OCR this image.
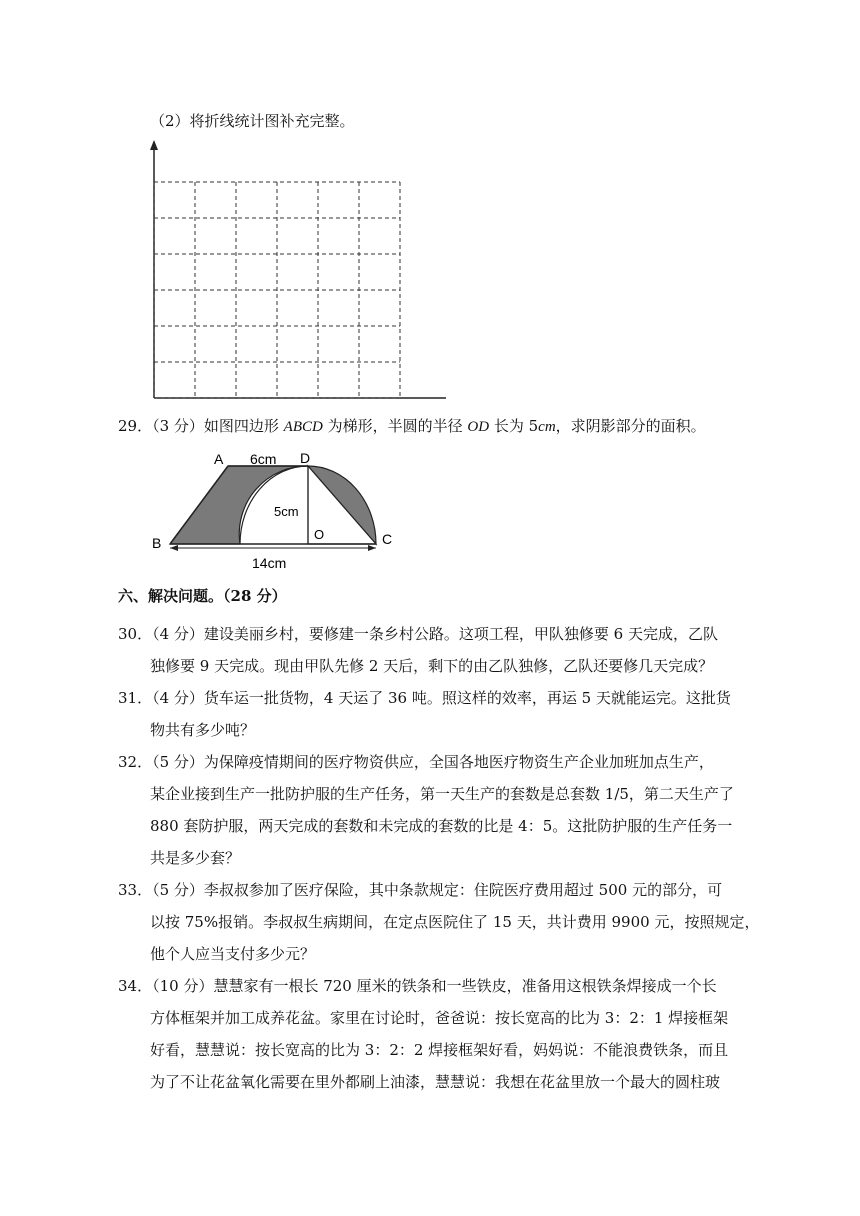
（2）将折线统计图补充完整。
29．（3 分）如图四边形 ABCD 为梯形，半圆的半径 OD 长为 5cm，求阴影部分的面积。
A 6cm D
5cm
O
B	C
14cm
六、解决问题。（28 分）
30．（4 分）建设美丽乡村，要修建一条乡村公路。这项工程，甲队独修要 6 天完成，乙队
独修要 9 天完成。现由甲队先修 2 天后，剩下的由乙队独修，乙队还要修几天完成？
31．（4 分）货车运一批货物，4 天运了 36 吨。照这样的效率，再运 5 天就能运完。这批货
物共有多少吨？
32．（5 分）为保障疫情期间的医疗物资供应，全国各地医疗物资生产企业加班加点生产，
某企业接到生产一批防护服的生产任务，第一天生产的套数是总套数 1/5，第二天生产了
880 套防护服，两天完成的套数和未完成的套数的比是 4：5。这批防护服的生产任务一
共是多少套？
33．（5 分）李叔叔参加了医疗保险，其中条款规定：住院医疗费用超过 500 元的部分，可
以按 75%报销。李叔叔生病期间，在定点医院住了 15 天，共计费用 9900 元，按照规定，
他个人应当支付多少元？
34．（10 分）慧慧家有一根长 720 厘米的铁条和一些铁皮，准备用这根铁条焊接成一个长
方体框架并加工成养花盆。家里在讨论时，爸爸说：按长宽高的比为 3：2：1 焊接框架
好看，慧慧说：按长宽高的比为 3：2：2 焊接框架好看，妈妈说：不能浪费铁条，而且
为了不让花盆氧化需要在里外都刷上油漆，慧慧说：我想在花盆里放一个最大的圆柱玻
